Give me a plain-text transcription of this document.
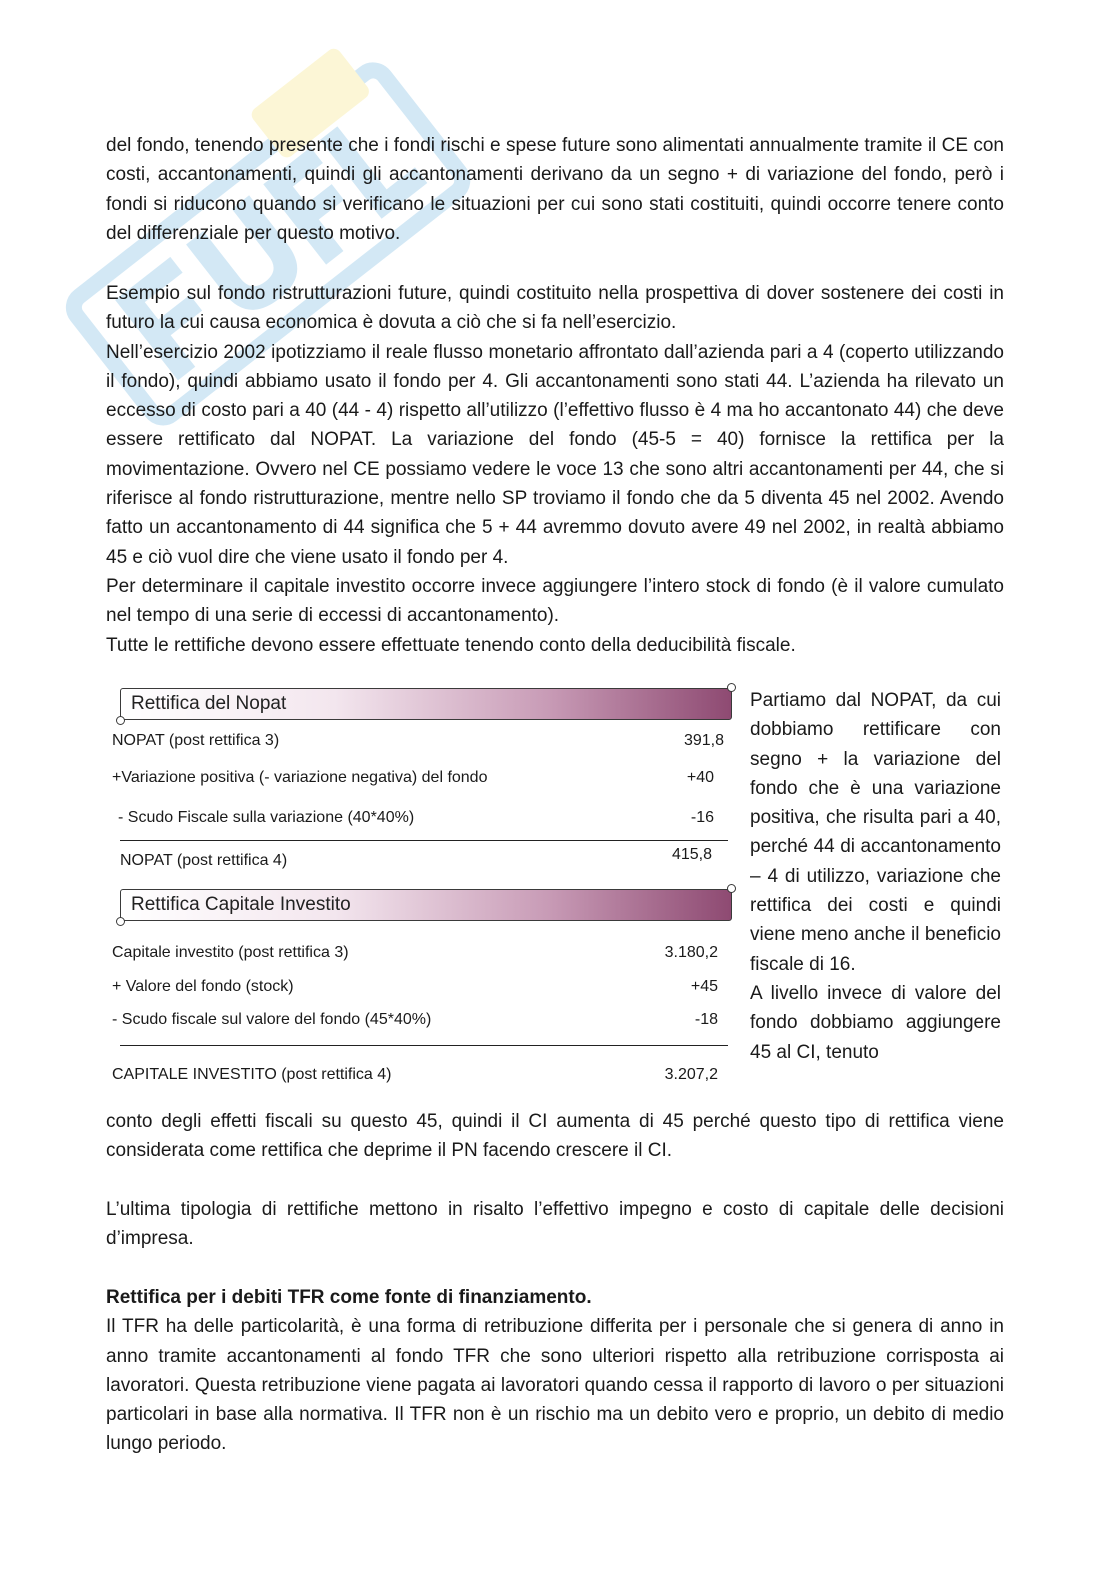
del fondo, tenendo presente che i fondi rischi e spese future sono alimentati annualmente tramite il CE con costi, accantonamenti, quindi gli accantonamenti derivano da un segno + di variazione del fondo, però i fondi si riducono quando si verificano le situazioni per cui sono stati costituiti, quindi occorre tenere conto del differenziale per questo motivo.

Esempio sul fondo ristrutturazioni future, quindi costituito nella prospettiva di dover sostenere dei costi in futuro la cui causa economica è dovuta a ciò che si fa nell’esercizio.

Nell’esercizio 2002 ipotizziamo il reale flusso monetario affrontato dall’azienda pari a 4 (coperto utilizzando il fondo), quindi abbiamo usato il fondo per 4. Gli accantonamenti sono stati 44. L’azienda ha rilevato un eccesso di costo pari a 40 (44 - 4) rispetto all’utilizzo (l’effettivo flusso è 4 ma ho accantonato 44) che deve essere rettificato dal NOPAT. La variazione del fondo (45-5 = 40) fornisce la rettifica per la movimentazione. Ovvero nel CE possiamo vedere le voce 13 che sono altri accantonamenti per 44, che si riferisce al fondo ristrutturazione, mentre nello SP troviamo il fondo che da 5 diventa 45 nel 2002. Avendo fatto un accantonamento di 44 significa che 5 + 44 avremmo dovuto avere 49 nel 2002, in realtà abbiamo 45 e ciò vuol dire che viene usato il fondo per 4.

Per determinare il capitale investito occorre invece aggiungere l’intero stock di fondo (è il valore cumulato nel tempo di una serie di eccessi di accantonamento).

Tutte le rettifiche devono essere effettuate tenendo conto della deducibilità fiscale.

Rettifica del Nopat
NOPAT (post rettifica 3)	391,8
+Variazione positiva (- variazione negativa) del fondo	+40
- Scudo Fiscale sulla variazione (40*40%)	-16
NOPAT (post rettifica 4)	415,8
Rettifica Capitale Investito
Capitale investito (post rettifica 3)	3.180,2
+ Valore del fondo (stock)	+45
- Scudo fiscale sul valore del fondo (45*40%)	-18
CAPITALE INVESTITO (post rettifica 4)	3.207,2

Partiamo dal NOPAT, da cui dobbiamo rettificare con segno + la variazione del fondo che è una variazione positiva, che risulta pari a 40, perché 44 di accantonamento – 4 di utilizzo, variazione che rettifica dei costi e quindi viene meno anche il beneficio fiscale di 16.

A livello invece di valore del fondo dobbiamo aggiungere 45 al CI, tenuto

conto degli effetti fiscali su questo 45, quindi il CI aumenta di 45 perché questo tipo di rettifica viene considerata come rettifica che deprime il PN facendo crescere il CI.

L’ultima tipologia di rettifiche mettono in risalto l’effettivo impegno e costo di capitale delle decisioni d’impresa.

Rettifica per i debiti TFR come fonte di finanziamento.

Il TFR ha delle particolarità, è una forma di retribuzione differita per i personale che si genera di anno in anno tramite accantonamenti al fondo TFR che sono ulteriori rispetto alla retribuzione corrisposta ai lavoratori. Questa retribuzione viene pagata ai lavoratori quando cessa il rapporto di lavoro o per situazioni particolari in base alla normativa. Il TFR non è un rischio ma un debito vero e proprio, un debito di medio lungo periodo.
